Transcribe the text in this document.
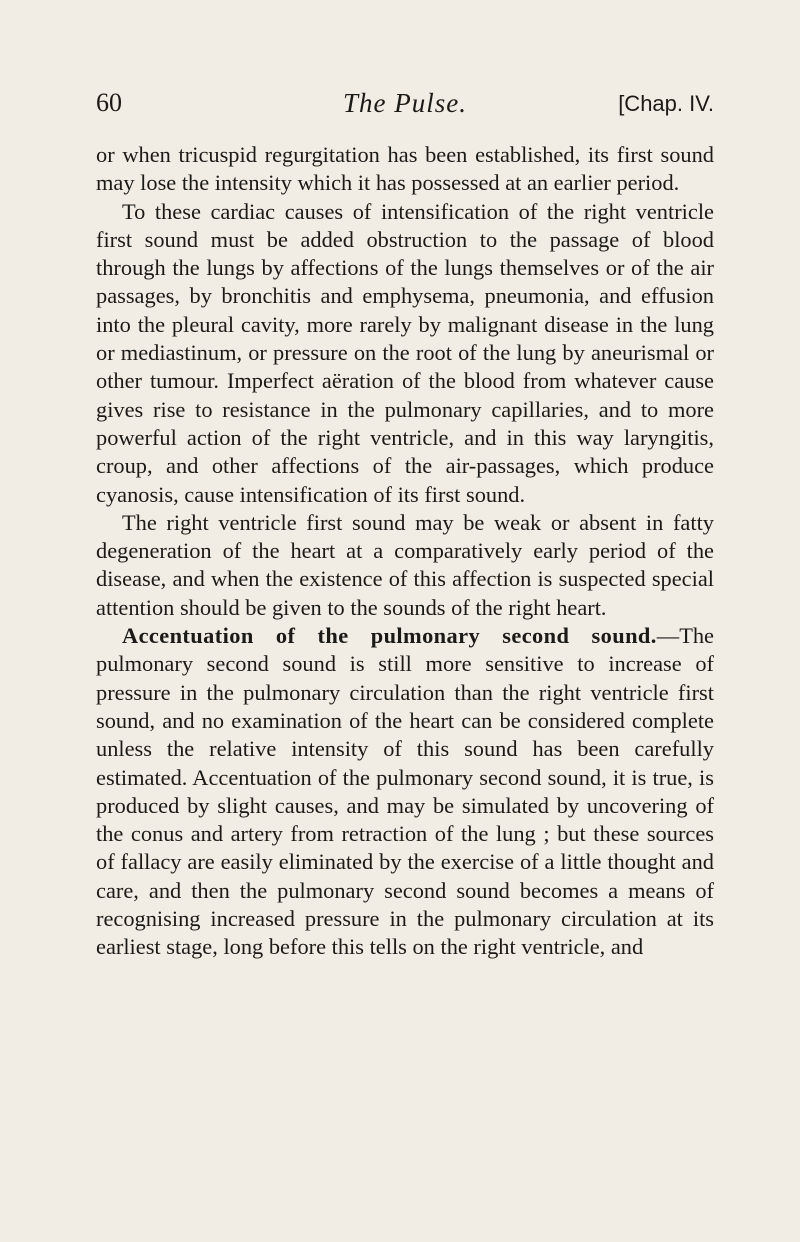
60	The Pulse.	[Chap. IV.

or when tricuspid regurgitation has been established, its first sound may lose the intensity which it has possessed at an earlier period.

To these cardiac causes of intensification of the right ventricle first sound must be added obstruction to the passage of blood through the lungs by affections of the lungs themselves or of the air passages, by bronchitis and emphysema, pneumonia, and effusion into the pleural cavity, more rarely by malignant disease in the lung or mediastinum, or pressure on the root of the lung by aneurismal or other tumour. Imperfect aëration of the blood from whatever cause gives rise to resistance in the pulmonary capillaries, and to more powerful action of the right ventricle, and in this way laryngitis, croup, and other affections of the air-passages, which produce cyanosis, cause intensification of its first sound.

The right ventricle first sound may be weak or absent in fatty degeneration of the heart at a comparatively early period of the disease, and when the existence of this affection is suspected special attention should be given to the sounds of the right heart.

Accentuation of the pulmonary second sound.—The pulmonary second sound is still more sensitive to increase of pressure in the pulmonary circulation than the right ventricle first sound, and no examination of the heart can be considered complete unless the relative intensity of this sound has been carefully estimated. Accentuation of the pulmonary second sound, it is true, is produced by slight causes, and may be simulated by uncovering of the conus and artery from retraction of the lung ; but these sources of fallacy are easily eliminated by the exercise of a little thought and care, and then the pulmonary second sound becomes a means of recognising increased pressure in the pulmonary circulation at its earliest stage, long before this tells on the right ventricle, and
